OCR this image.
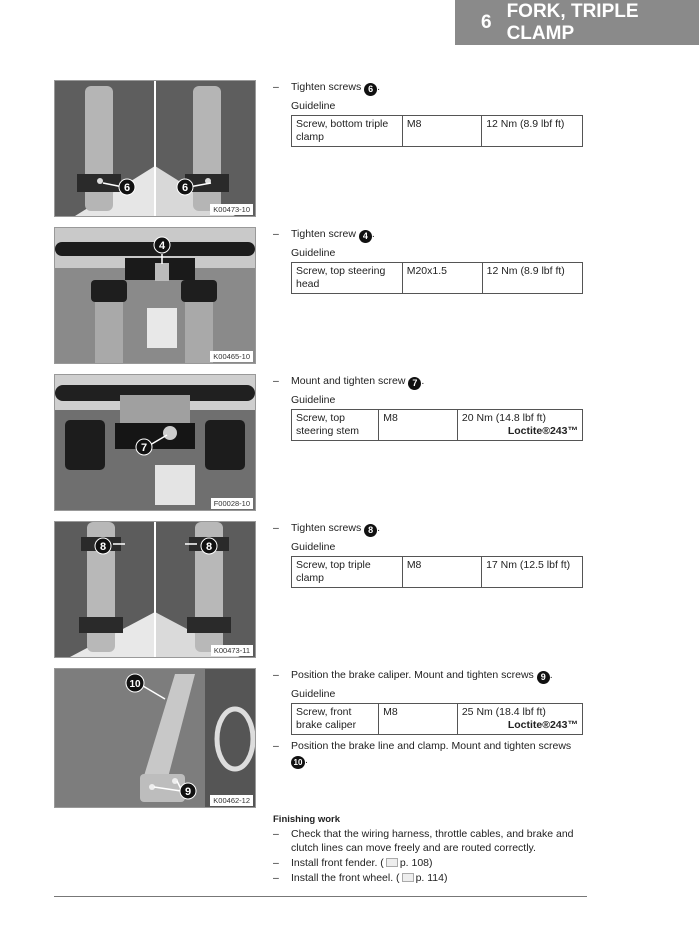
6
FORK, TRIPLE CLAMP
6	6
K00473-10
4
K00465-10
7
F00028-10
8	8
K00473-11
10
9
K00462-12
– Tighten screws 6 .
Guideline
Screw, bottom triple clamp	M8	12 Nm (8.9 lbf ft)
– Tighten screw 4 .
Guideline
Screw, top steering head	M20x1.5	12 Nm (8.9 lbf ft)
– Mount and tighten screw 7 .
Guideline
Screw, top steering stem	M8	20 Nm (14.8 lbf ft)
Loctite®243™
– Tighten screws 8 .
Guideline
Screw, top triple clamp	M8	17 Nm (12.5 lbf ft)
– Position the brake caliper. Mount and tighten screws 9 .
Guideline
Screw, front brake caliper	M8	25 Nm (18.4 lbf ft)
Loctite®243™
– Position the brake line and clamp. Mount and tighten screws 10 .
Finishing work
– Check that the wiring harness, throttle cables, and brake and clutch lines can move freely and are routed correctly.
– Install front fender. ( p. 108)
– Install the front wheel. ( p. 114)
